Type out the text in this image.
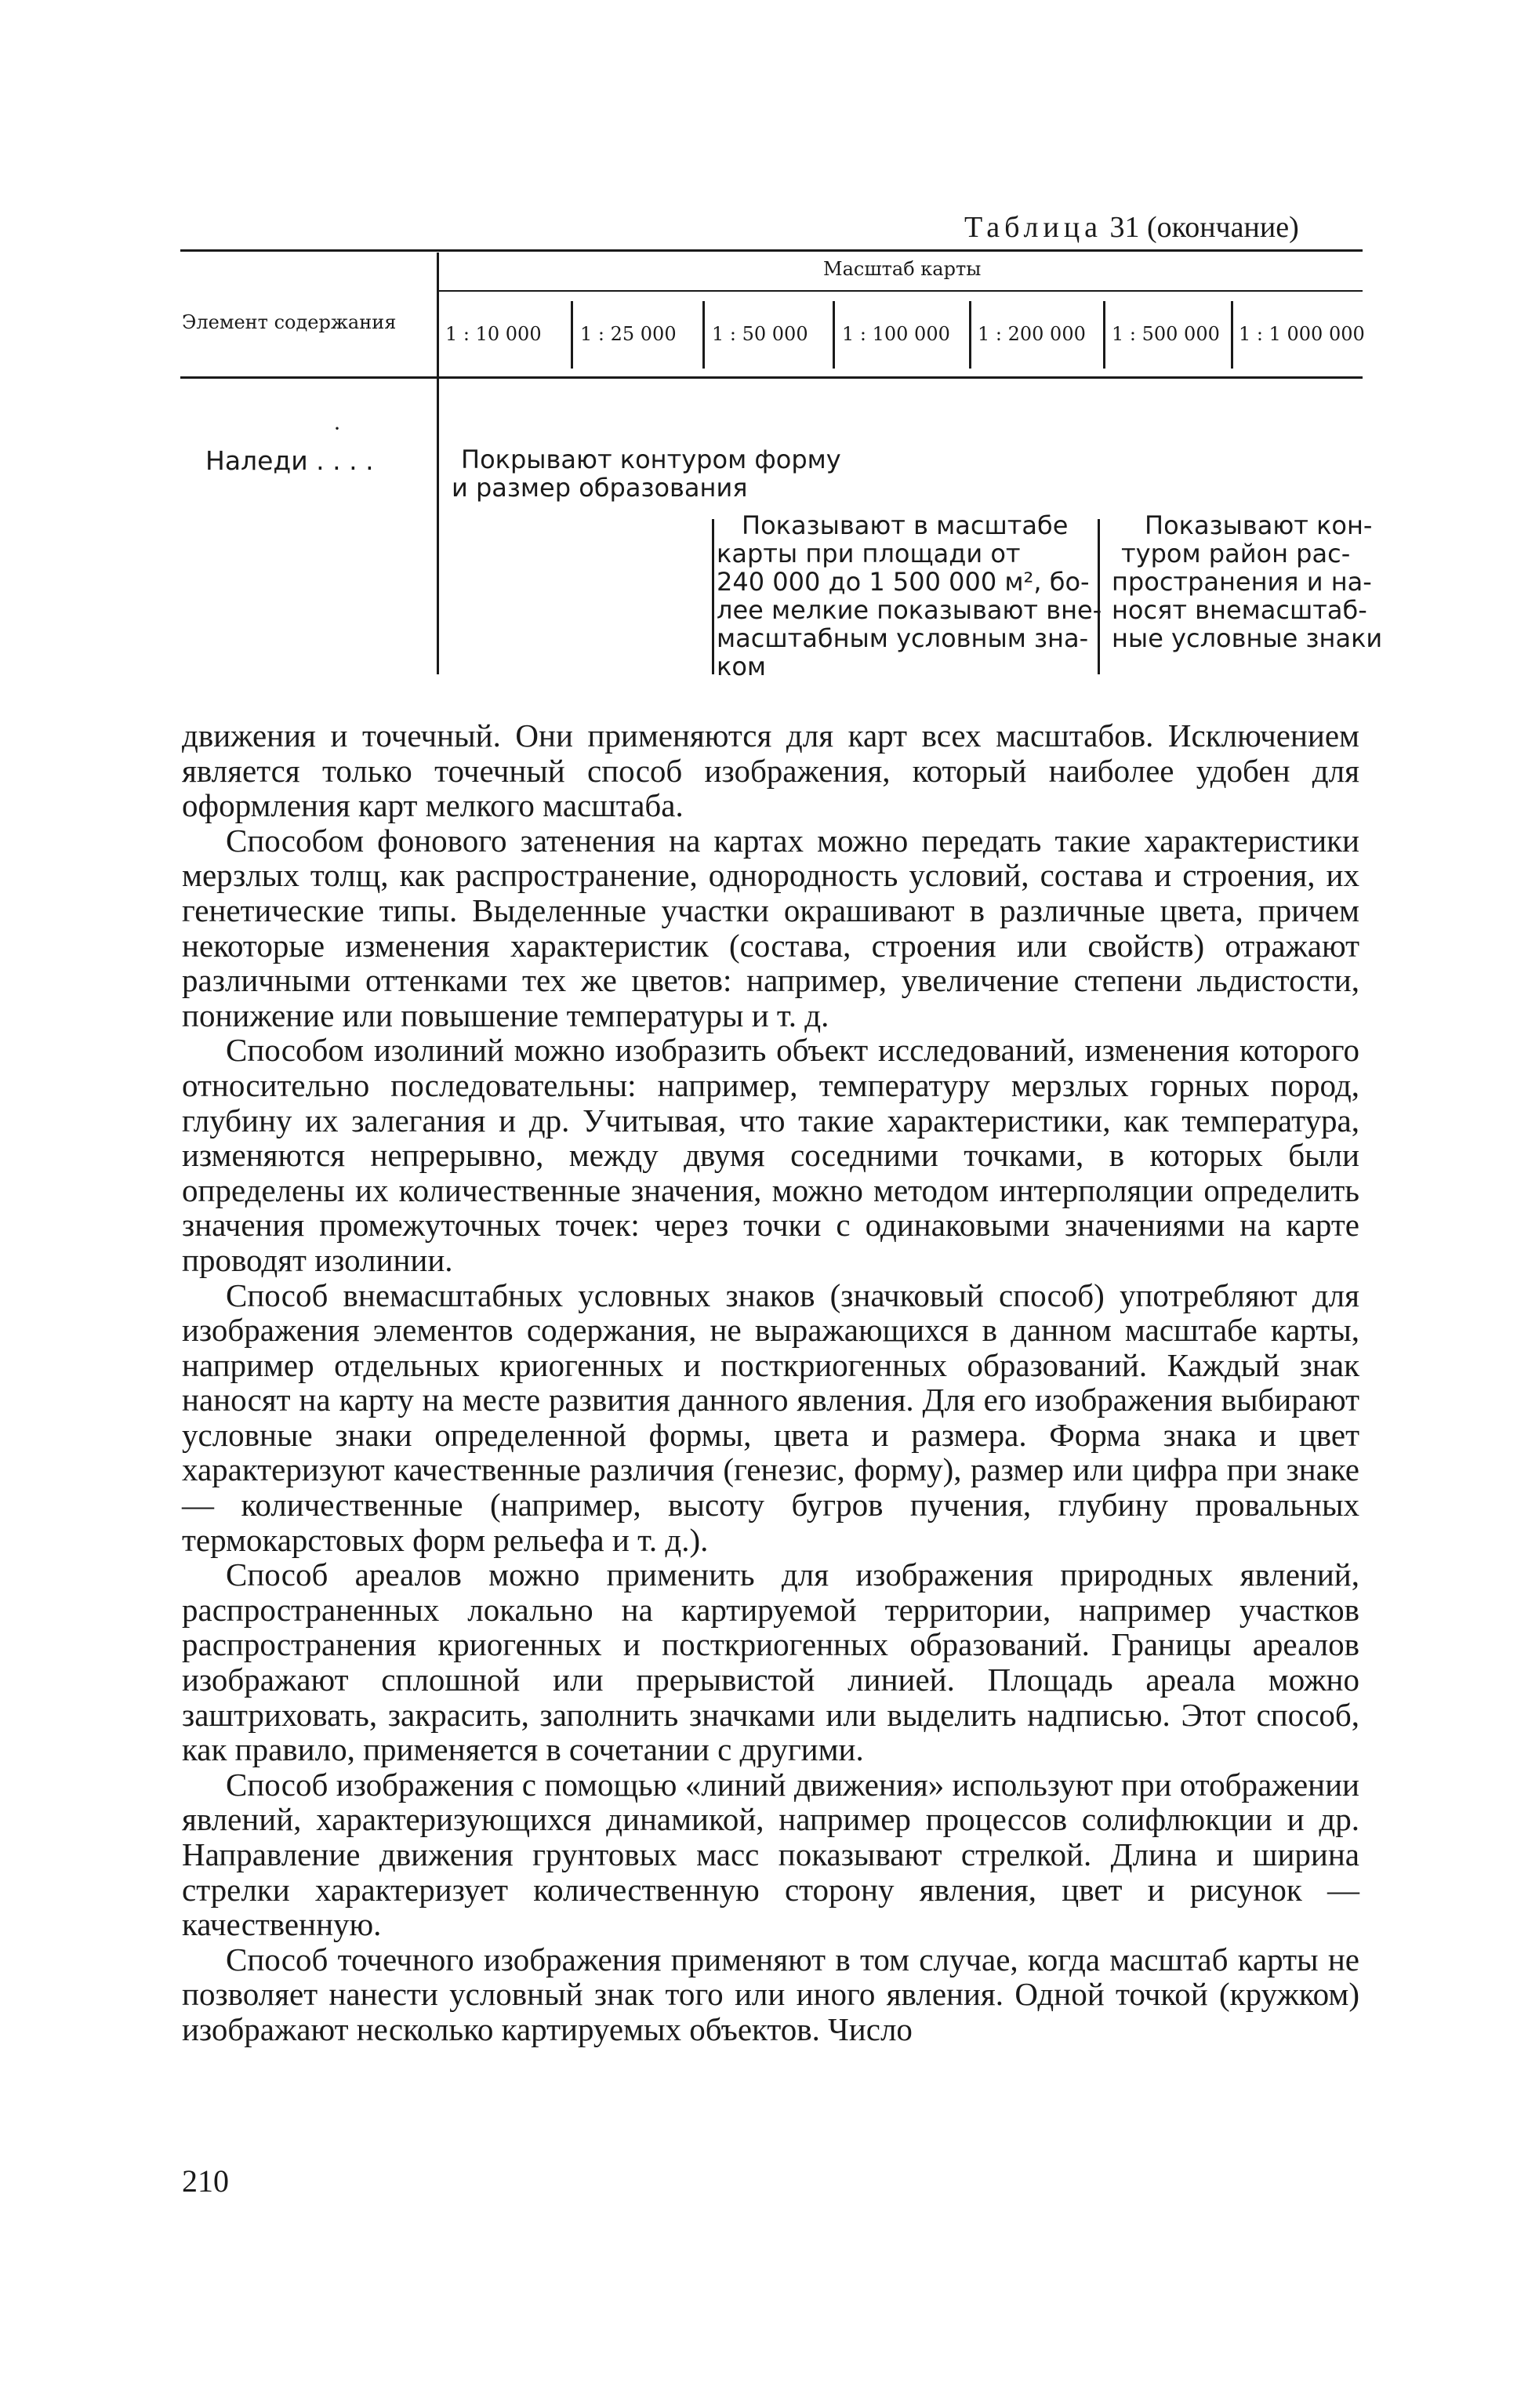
Таблица 31 (окончание)
Элемент содержания
Масштаб карты
1 : 10 000 1 : 25 000 1 : 50 000 1 : 100 000 1 : 200 000 1 : 500 000 1 : 1 000 000
·
Наледи . . . .	Покрывают контуром форму
и размер образования
Показывают в масштабе
карты при площади от
240 000 до 1 500 000 м², бо-
лее мелкие показывают вне-
масштабным условным зна-
ком
Показывают кон-
туром район рас-
пространения и на-
носят внемасштаб-
ные условные знаки

движения и точечный. Они применяются для карт всех масштабов. Исключением является только точечный способ изображения, который наиболее удобен для оформления карт мелкого масштаба.

Способом фонового затенения на картах можно передать такие характеристики мерзлых толщ, как распространение, однородность условий, состава и строения, их генетические типы. Выделенные участки окрашивают в различные цвета, причем некоторые изменения характеристик (состава, строения или свойств) отражают различными оттенками тех же цветов: например, увеличение степени льдистости, понижение или повышение температуры и т. д.

Способом изолиний можно изобразить объект исследований, изменения которого относительно последовательны: например, температуру мерзлых горных пород, глубину их залегания и др. Учитывая, что такие характеристики, как температура, изменяются непрерывно, между двумя соседними точками, в которых были определены их количественные значения, можно методом интерполяции определить значения промежуточных точек: через точки с одинаковыми значениями на карте проводят изолинии.

Способ внемасштабных условных знаков (значковый способ) употребляют для изображения элементов содержания, не выражающихся в данном масштабе карты, например отдельных криогенных и посткриогенных образований. Каждый знак наносят на карту на месте развития данного явления. Для его изображения выбирают условные знаки определенной формы, цвета и размера. Форма знака и цвет характеризуют качественные различия (генезис, форму), размер или цифра при знаке — количественные (например, высоту бугров пучения, глубину провальных термокарстовых форм рельефа и т. д.).

Способ ареалов можно применить для изображения природных явлений, распространенных локально на картируемой территории, например участков распространения криогенных и посткриогенных образований. Границы ареалов изображают сплошной или прерывистой линией. Площадь ареала можно заштриховать, закрасить, заполнить значками или выделить надписью. Этот способ, как правило, применяется в сочетании с другими.

Способ изображения с помощью «линий движения» используют при отображении явлений, характеризующихся динамикой, например процессов солифлюкции и др. Направление движения грунтовых масс показывают стрелкой. Длина и ширина стрелки характеризует количественную сторону явления, цвет и рисунок — качественную.

Способ точечного изображения применяют в том случае, когда масштаб карты не позволяет нанести условный знак того или иного явления. Одной точкой (кружком) изображают несколько картируемых объектов. Число

210
